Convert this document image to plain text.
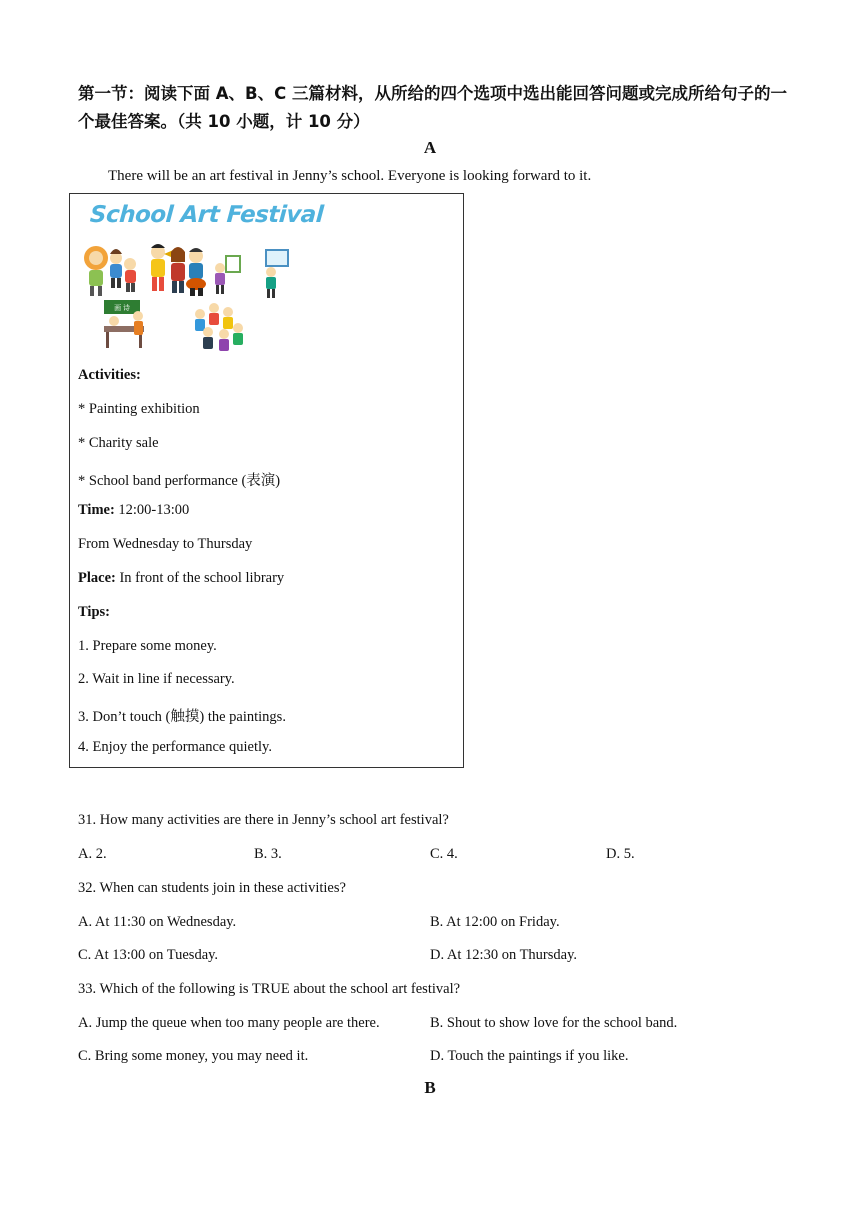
第一节：阅读下面 A、B、C 三篇材料，从所给的四个选项中选出能回答问题或完成所给句子的一个最佳答案。（共 10 小题，计 10 分）
A
There will be an art festival in Jenny’s school. Everyone is looking forward to it.
School Art Festival
画 诗
Activities:
* Painting exhibition
* Charity sale
* School band performance (表演)
Time: 12:00-13:00
From Wednesday to Thursday
Place: In front of the school library
Tips:
1. Prepare some money.
2. Wait in line if necessary.
3. Don’t touch (触摸) the paintings.
4. Enjoy the performance quietly.
31. How many activities are there in Jenny’s school art festival?
A. 2.	B. 3.	C. 4.	D. 5.
32. When can students join in these activities?
A. At 11:30 on Wednesday.	B. At 12:00 on Friday.
C. At 13:00 on Tuesday.	D. At 12:30 on Thursday.
33. Which of the following is TRUE about the school art festival?
A. Jump the queue when too many people are there.	B. Shout to show love for the school band.
C. Bring some money, you may need it.	D. Touch the paintings if you like.
B
